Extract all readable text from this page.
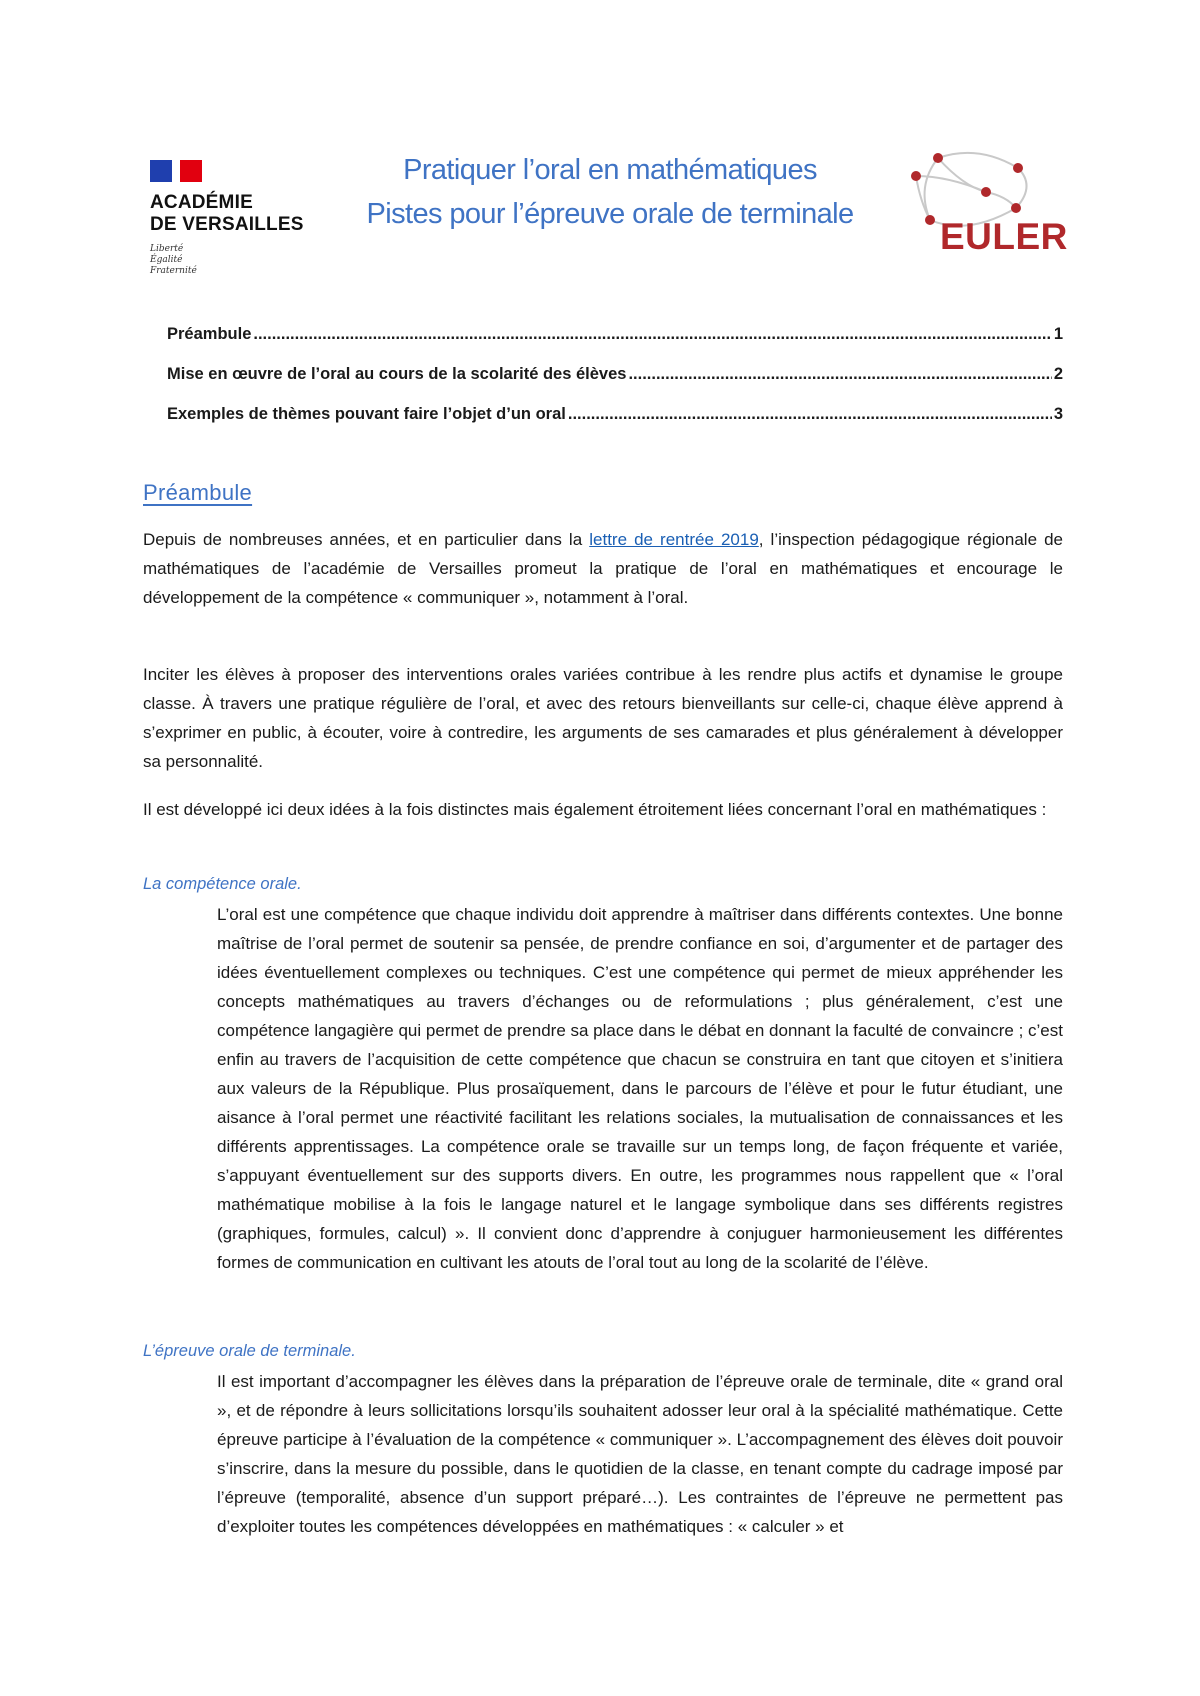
ACADÉMIE
DE VERSAILLES
Liberté
Égalité
Fraternité
Pratiquer l’oral en mathématiques
Pistes pour l’épreuve orale de terminale
EULER
Préambule .....	1
Mise en œuvre de l’oral au cours de la scolarité des élèves .....	2
Exemples de thèmes pouvant faire l’objet d’un oral .....	3
Préambule
Depuis de nombreuses années, et en particulier dans la lettre de rentrée 2019, l’inspection pédagogique régionale de mathématiques de l’académie de Versailles promeut la pratique de l’oral en mathématiques et encourage le développement de la compétence « communiquer », notamment à l’oral.
Inciter les élèves à proposer des interventions orales variées contribue à les rendre plus actifs et dynamise le groupe classe. À travers une pratique régulière de l’oral, et avec des retours bienveillants sur celle-ci, chaque élève apprend à s’exprimer en public, à écouter, voire à contredire, les arguments de ses camarades et plus généralement à développer sa personnalité.
Il est développé ici deux idées à la fois distinctes mais également étroitement liées concernant l’oral en mathématiques :
La compétence orale.
L’oral est une compétence que chaque individu doit apprendre à maîtriser dans différents contextes. Une bonne maîtrise de l’oral permet de soutenir sa pensée, de prendre confiance en soi, d’argumenter et de partager des idées éventuellement complexes ou techniques. C’est une compétence qui permet de mieux appréhender les concepts mathématiques au travers d’échanges ou de reformulations ; plus généralement, c’est une compétence langagière qui permet de prendre sa place dans le débat en donnant la faculté de convaincre ; c’est enfin au travers de l’acquisition de cette compétence que chacun se construira en tant que citoyen et s’initiera aux valeurs de la République. Plus prosaïquement, dans le parcours de l’élève et pour le futur étudiant, une aisance à l’oral permet une réactivité facilitant les relations sociales, la mutualisation de connaissances et les différents apprentissages. La compétence orale se travaille sur un temps long, de façon fréquente et variée, s’appuyant éventuellement sur des supports divers. En outre, les programmes nous rappellent que « l’oral mathématique mobilise à la fois le langage naturel et le langage symbolique dans ses différents registres (graphiques, formules, calcul) ». Il convient donc d’apprendre à conjuguer harmonieusement les différentes formes de communication en cultivant les atouts de l’oral tout au long de la scolarité de l’élève.
L’épreuve orale de terminale.
Il est important d’accompagner les élèves dans la préparation de l’épreuve orale de terminale, dite « grand oral », et de répondre à leurs sollicitations lorsqu’ils souhaitent adosser leur oral à la spécialité mathématique. Cette épreuve participe à l’évaluation de la compétence « communiquer ». L’accompagnement des élèves doit pouvoir s’inscrire, dans la mesure du possible, dans le quotidien de la classe, en tenant compte du cadrage imposé par l’épreuve (temporalité, absence d’un support préparé…). Les contraintes de l’épreuve ne permettent pas d’exploiter toutes les compétences développées en mathématiques : « calculer » et
